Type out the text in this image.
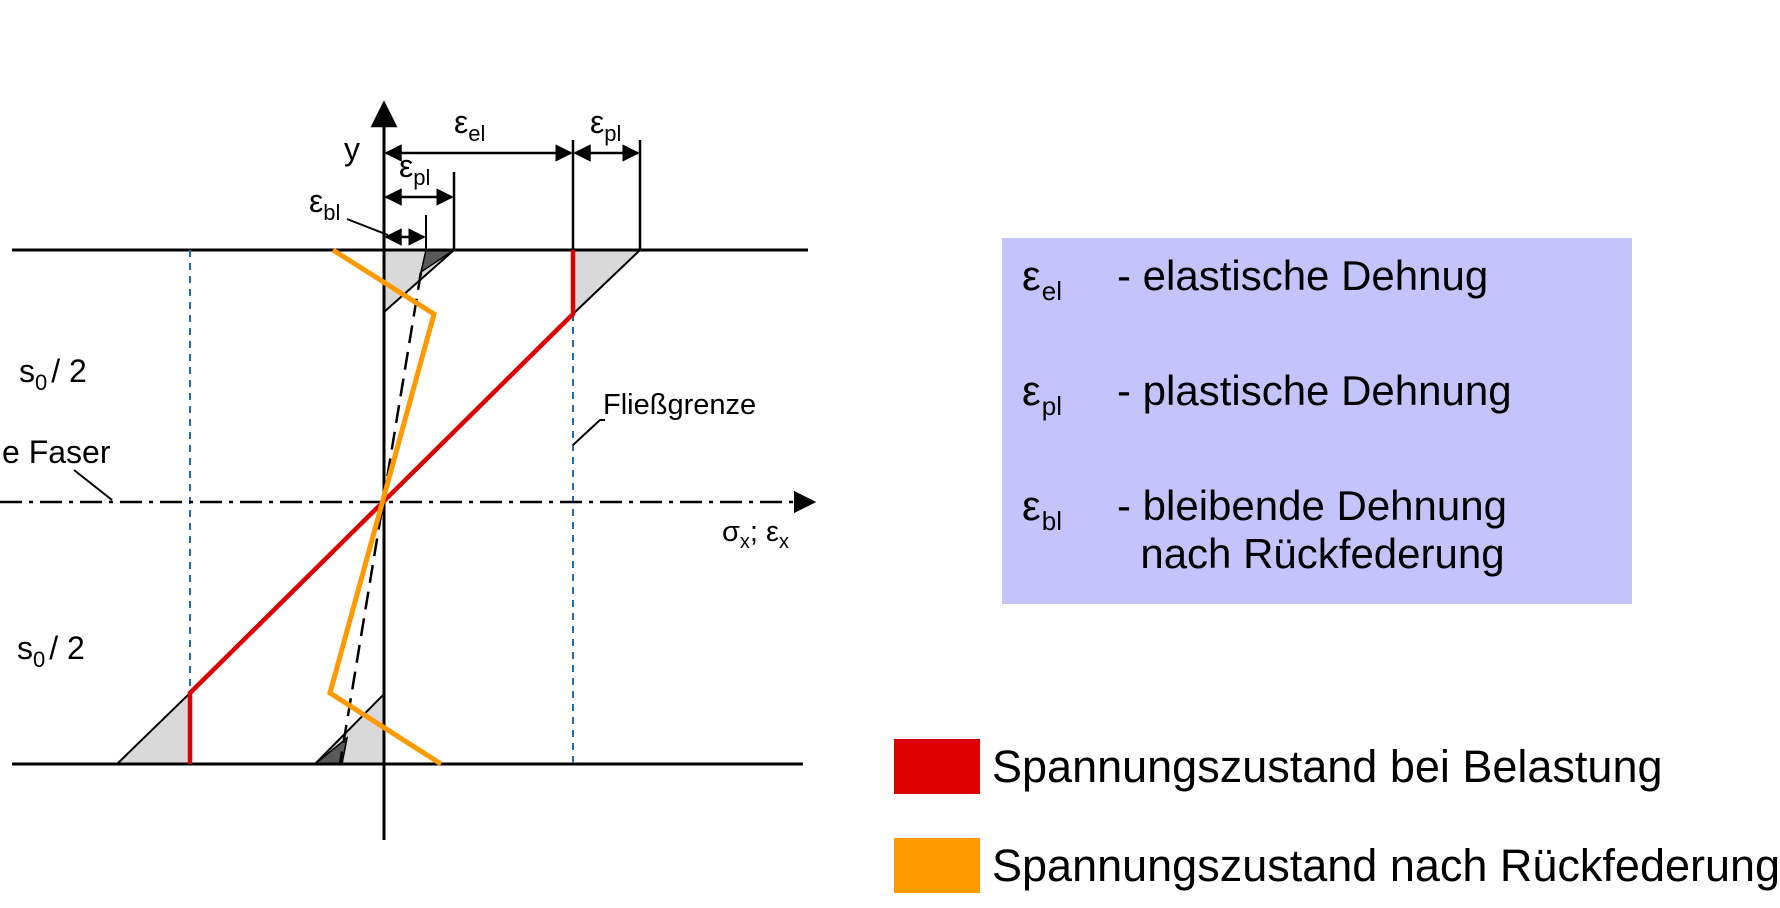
y
$\varepsilon_{el}$	$\varepsilon_{pl}$
$\varepsilon_{pl}$
$\varepsilon_{bl}$
$s_0 / 2$
$s_0 / 2$
e Faser
Fließgrenze
$\sigma_x$; $\varepsilon_x$
$\varepsilon_{el}$	- elastische Dehnug
$\varepsilon_{pl}$	- plastische Dehnung
$\varepsilon_{bl}$	- bleibende Dehnung
nach Rückfederung
Spannungszustand bei Belastung
Spannungszustand nach Rückfederung
